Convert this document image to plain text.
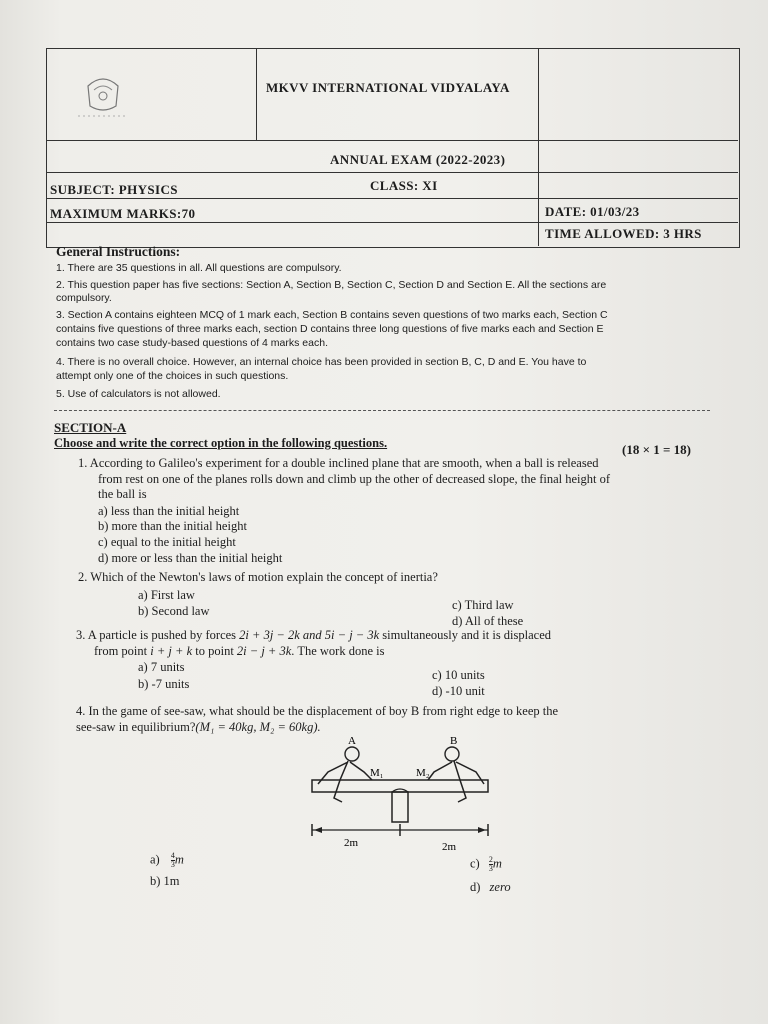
MKVV INTERNATIONAL VIDYALAYA
ANNUAL EXAM (2022-2023)
CLASS: XI
SUBJECT: PHYSICS
MAXIMUM MARKS:70	DATE: 01/03/23
TIME ALLOWED: 3 HRS
General Instructions:
1. There are 35 questions in all. All questions are compulsory.
2. This question paper has five sections: Section A, Section B, Section C, Section D and Section E. All the sections are
compulsory.
3. Section A contains eighteen MCQ of 1 mark each, Section B contains seven questions of two marks each, Section C
contains five questions of three marks each, section D contains three long questions of five marks each and Section E
contains two case study-based questions of 4 marks each.
4. There is no overall choice. However, an internal choice has been provided in section B, C, D and E. You have to
attempt only one of the choices in such questions.
5. Use of calculators is not allowed.
SECTION-A
Choose and write the correct option in the following questions.	(18 × 1 = 18)
1. According to Galileo's experiment for a double inclined plane that are smooth, when a ball is released
from rest on one of the planes rolls down and climb up the other of decreased slope, the final height of
the ball is
a) less than the initial height
b) more than the initial height
c) equal to the initial height
d) more or less than the initial height
2. Which of the Newton's laws of motion explain the concept of inertia?
a) First law
b) Second law	c) Third law
d) All of these
3. A particle is pushed by forces 2i + 3j − 2k and 5i − j − 3k simultaneously and it is displaced
from point i + j + k to point 2i − j + 3k. The work done is
a) 7 units
b) -7 units
c) 10 units
d) -10 unit
4. In the game of see-saw, what should be the displacement of boy B from right edge to keep the
see-saw in equilibrium?(M₁ = 40kg, M₂ = 60kg).
A	B
M₁	M₂
2m	2m
$a) \frac{4}{3}$ m
b) 1m
$c) \frac{2}{3}$ m
d) zero
